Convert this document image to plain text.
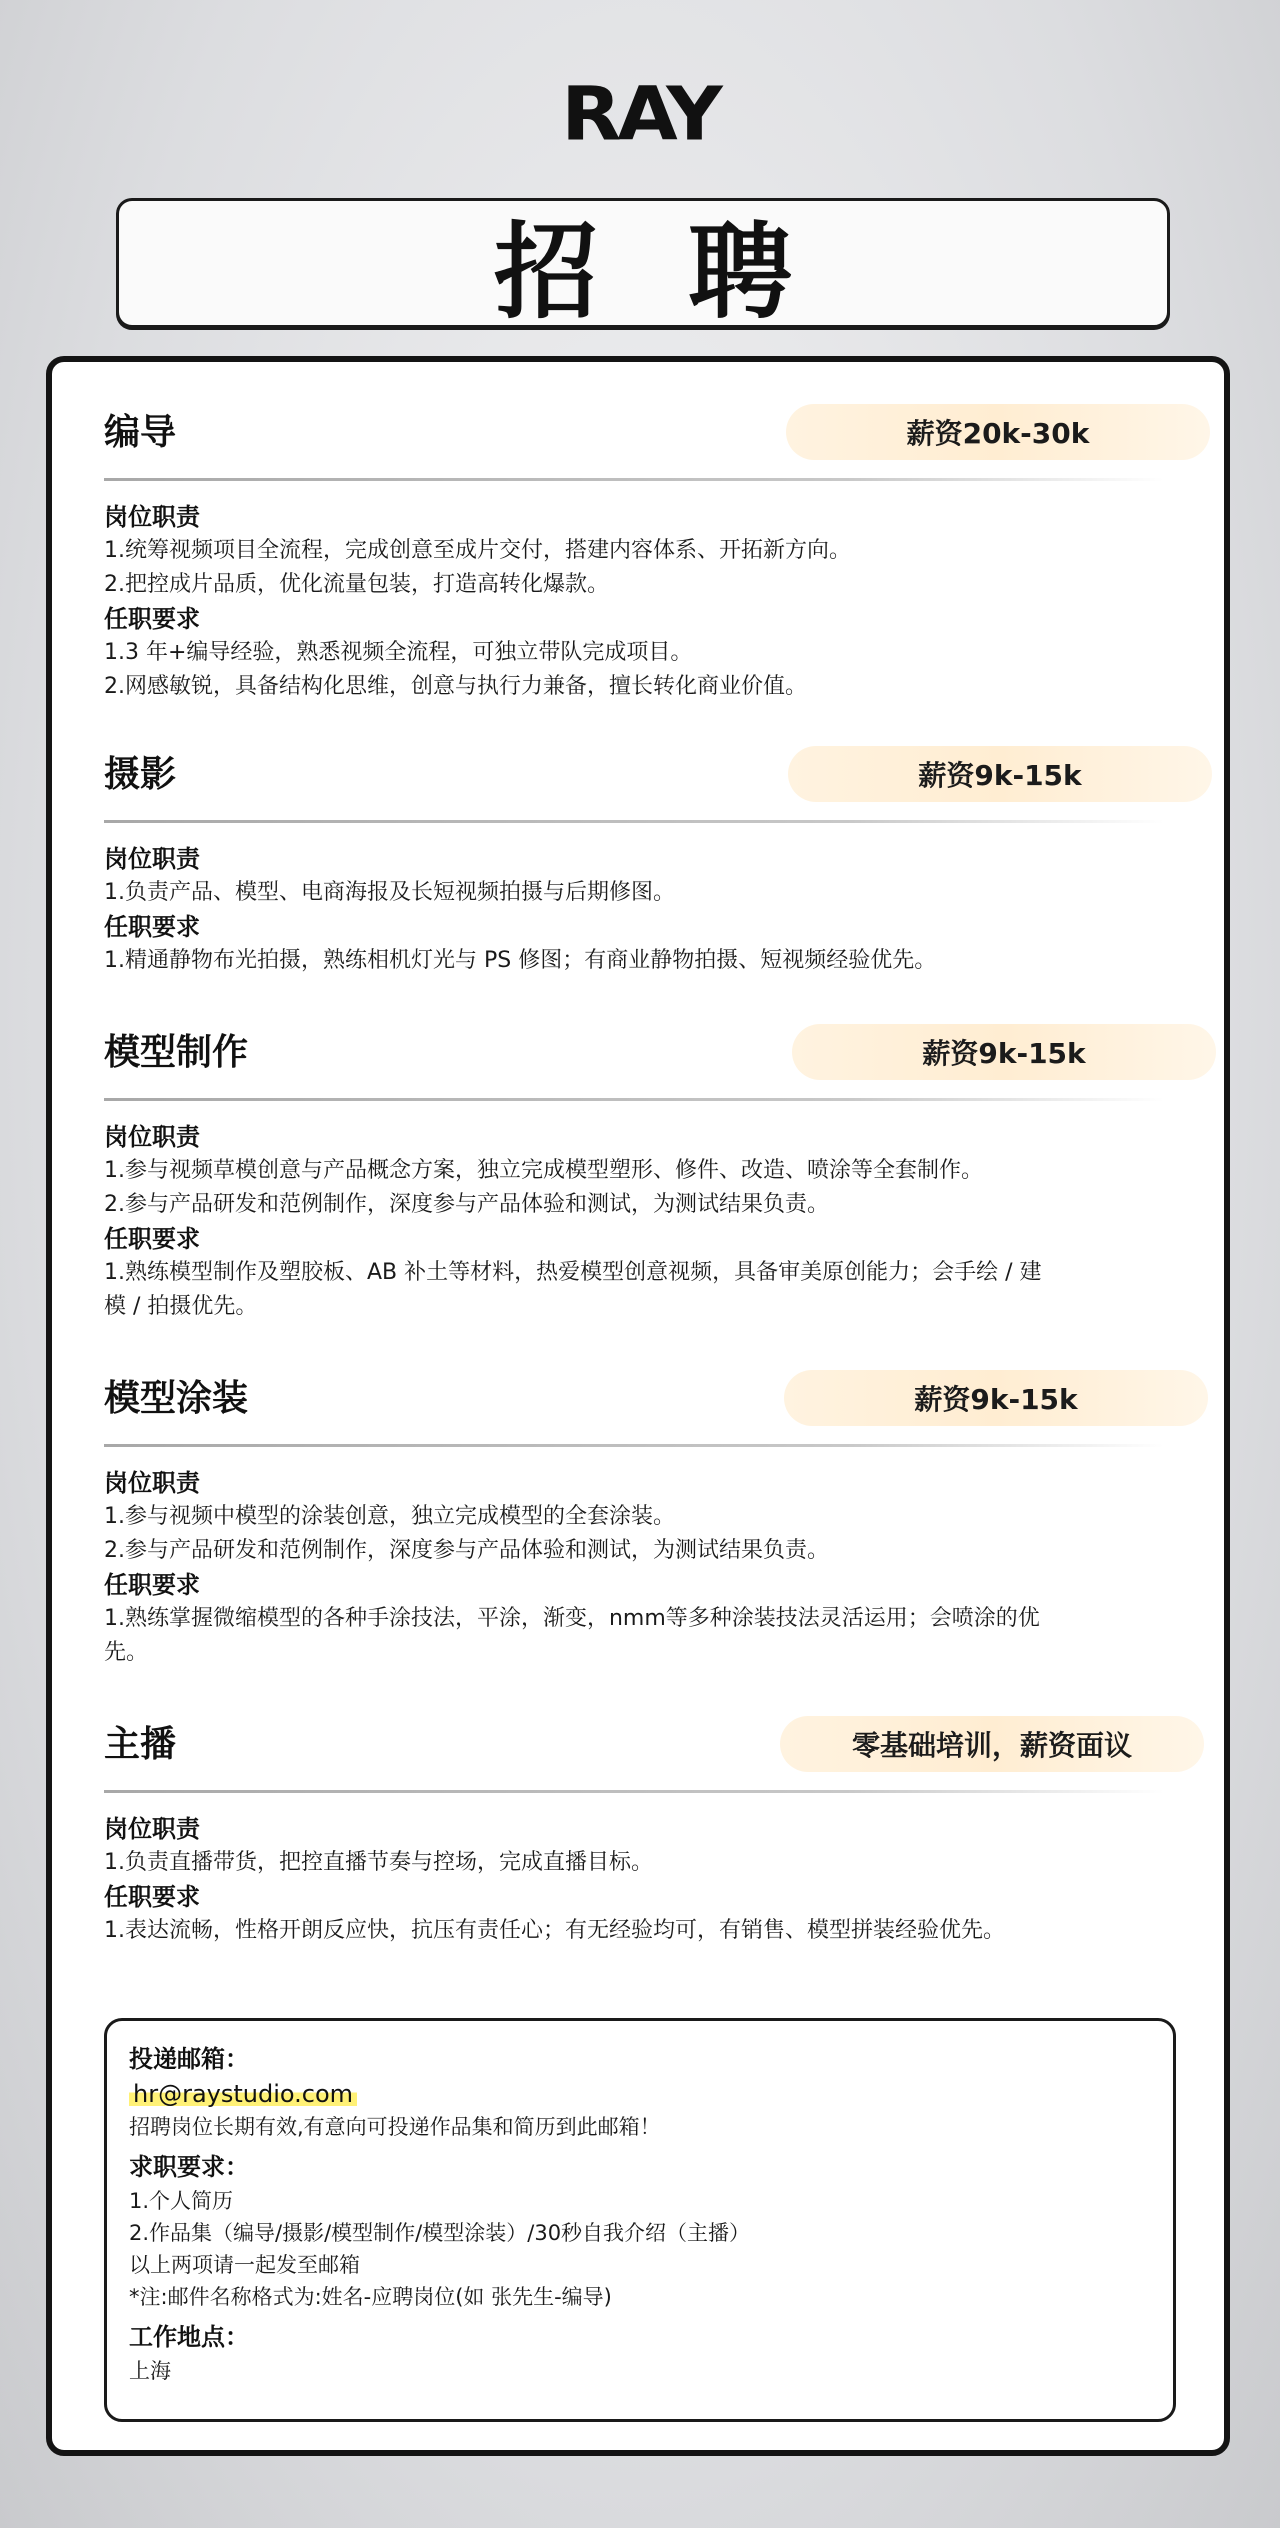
RAY
招聘
编导	薪资20k-30k
岗位职责
1.统筹视频项目全流程，完成创意至成片交付，搭建内容体系、开拓新方向。
2.把控成片品质，优化流量包装，打造高转化爆款。
任职要求
1.3 年+编导经验，熟悉视频全流程，可独立带队完成项目。
2.网感敏锐，具备结构化思维，创意与执行力兼备，擅长转化商业价值。
摄影	薪资9k-15k
岗位职责
1.负责产品、模型、电商海报及长短视频拍摄与后期修图。
任职要求
1.精通静物布光拍摄，熟练相机灯光与 PS 修图；有商业静物拍摄、短视频经验优先。
模型制作	薪资9k-15k
岗位职责
1.参与视频草模创意与产品概念方案，独立完成模型塑形、修件、改造、喷涂等全套制作。
2.参与产品研发和范例制作，深度参与产品体验和测试，为测试结果负责。
任职要求
1.熟练模型制作及塑胶板、AB 补土等材料，热爱模型创意视频，具备审美原创能力；会手绘 / 建
模 / 拍摄优先。
模型涂装	薪资9k-15k
岗位职责
1.参与视频中模型的涂装创意，独立完成模型的全套涂装。
2.参与产品研发和范例制作，深度参与产品体验和测试，为测试结果负责。
任职要求
1.熟练掌握微缩模型的各种手涂技法，平涂，渐变，nmm等多种涂装技法灵活运用；会喷涂的优
先。
主播	零基础培训，薪资面议
岗位职责
1.负责直播带货，把控直播节奏与控场，完成直播目标。
任职要求
1.表达流畅，性格开朗反应快，抗压有责任心；有无经验均可，有销售、模型拼装经验优先。
投递邮箱：
hr@raystudio.com
招聘岗位长期有效,有意向可投递作品集和简历到此邮箱！
求职要求：
1.个人简历
2.作品集（编导/摄影/模型制作/模型涂装）/30秒自我介绍（主播）
以上两项请一起发至邮箱
*注:邮件名称格式为:姓名-应聘岗位(如 张先生-编导)
工作地点：
上海
